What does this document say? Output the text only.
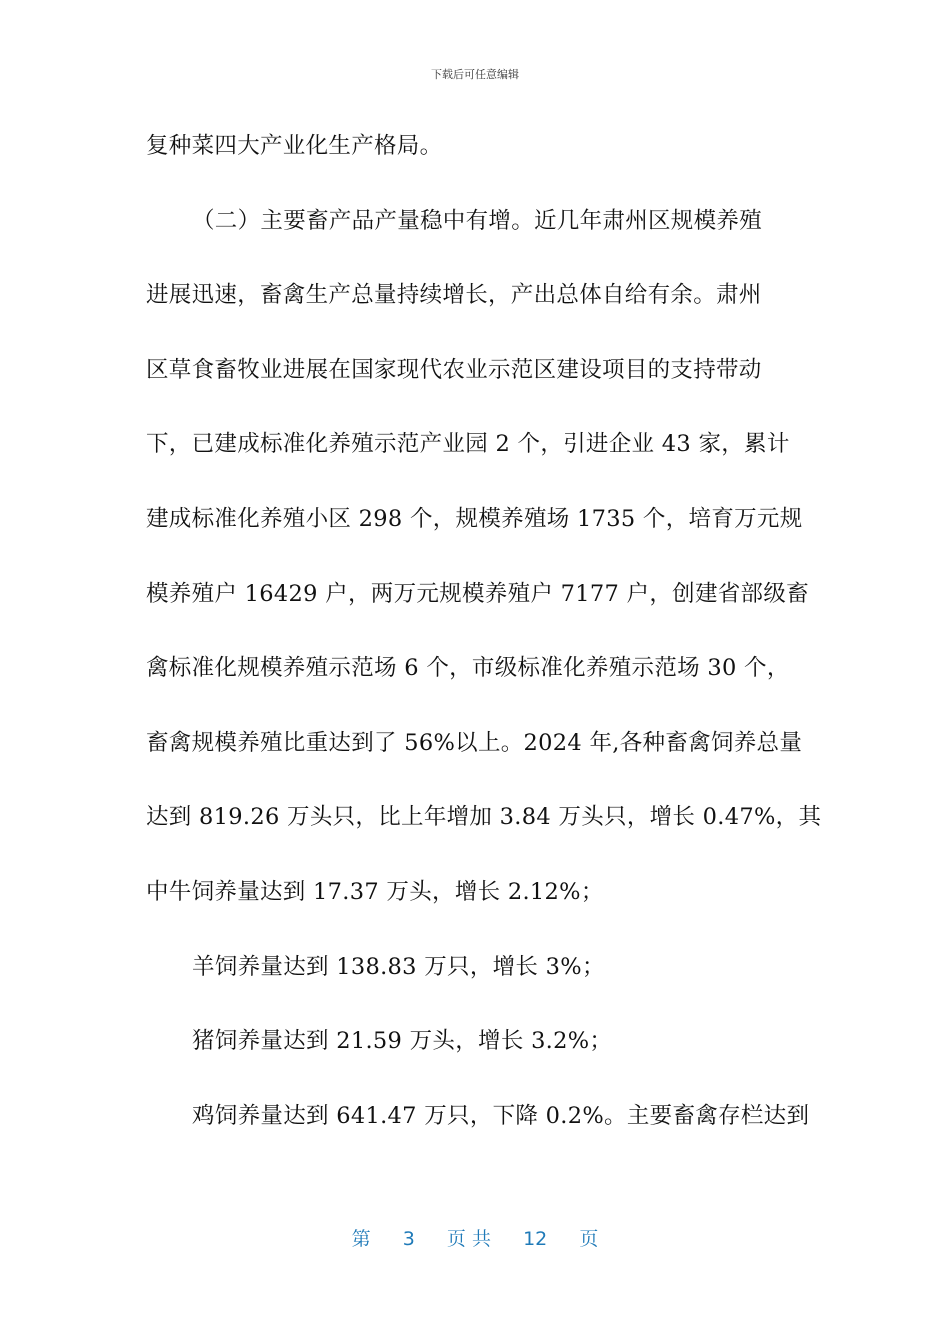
下载后可任意编辑
复种菜四大产业化生产格局。
（二）主要畜产品产量稳中有增。近几年肃州区规模养殖
进展迅速，畜禽生产总量持续增长，产出总体自给有余。肃州
区草食畜牧业进展在国家现代农业示范区建设项目的支持带动
下，已建成标准化养殖示范产业园 2 个，引进企业 43 家，累计
建成标准化养殖小区 298 个，规模养殖场 1735 个，培育万元规
模养殖户 16429 户，两万元规模养殖户 7177 户，创建省部级畜
禽标准化规模养殖示范场 6 个，市级标准化养殖示范场 30 个，
畜禽规模养殖比重达到了 56%以上。2024 年,各种畜禽饲养总量
达到 819.26 万头只，比上年增加 3.84 万头只，增长 0.47%，其
中牛饲养量达到 17.37 万头，增长 2.12%；
羊饲养量达到 138.83 万只，增长 3%；
猪饲养量达到 21.59 万头，增长 3.2%；
鸡饲养量达到 641.47 万只，下降 0.2%。主要畜禽存栏达到
第 3 页 共 12 页
